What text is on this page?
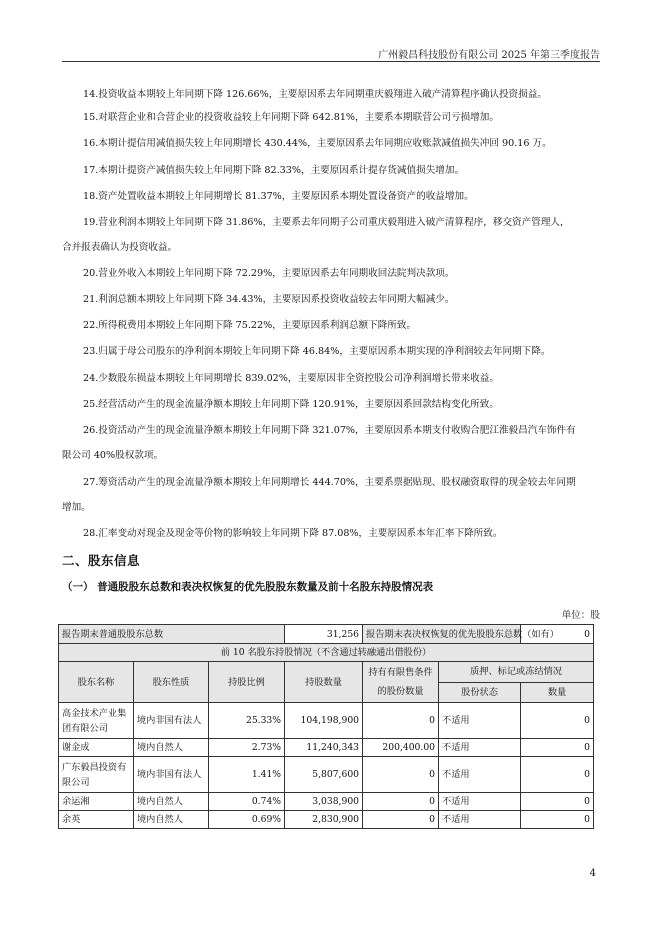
广州毅昌科技股份有限公司 2025 年第三季度报告
14.投资收益本期较上年同期下降 126.66%，主要原因系去年同期重庆毅翔进入破产清算程序确认投资损益。
15.对联营企业和合营企业的投资收益较上年同期下降 642.81%，主要系本期联营公司亏损增加。
16.本期计提信用减值损失较上年同期增长 430.44%，主要原因系去年同期应收账款减值损失冲回 90.16 万。
17.本期计提资产减值损失较上年同期下降 82.33%，主要原因系计提存货减值损失增加。
18.资产处置收益本期较上年同期增长 81.37%，主要原因系本期处置设备资产的收益增加。
19.营业利润本期较上年同期下降 31.86%，主要系去年同期子公司重庆毅翔进入破产清算程序，移交资产管理人，
合并报表确认为投资收益。
20.营业外收入本期较上年同期下降 72.29%，主要原因系去年同期收回法院判决款项。
21.利润总额本期较上年同期下降 34.43%，主要原因系投资收益较去年同期大幅减少。
22.所得税费用本期较上年同期下降 75.22%，主要原因系利润总额下降所致。
23.归属于母公司股东的净利润本期较上年同期下降 46.84%，主要原因系本期实现的净利润较去年同期下降。
24.少数股东损益本期较上年同期增长 839.02%，主要原因非全资控股公司净利润增长带来收益。
25.经营活动产生的现金流量净额本期较上年同期下降 120.91%，主要原因系回款结构变化所致。
26.投资活动产生的现金流量净额本期较上年同期下降 321.07%，主要原因系本期支付收购合肥江淮毅昌汽车饰件有
限公司 40%股权款项。
27.筹资活动产生的现金流量净额本期较上年同期增长 444.70%，主要系票据贴现、股权融资取得的现金较去年同期
增加。
28.汇率变动对现金及现金等价物的影响较上年同期下降 87.08%，主要原因系本年汇率下降所致。
二、股东信息
（一） 普通股股东总数和表决权恢复的优先股股东数量及前十名股东持股情况表
单位：股
报告期末普通股股东总数			31,256	报告期末表决权恢复的优先股股东总数（如有）		0
前 10 名股东持股情况（不含通过转融通出借股份）						
股东名称	股东性质	持股比例	持股数量	持有有限售条件的股份数量	质押、标记或冻结情况	
					股份状态	数量
高金技术产业集团有限公司	境内非国有法人	25.33%	104,198,900	0	不适用	0
谢金成	境内自然人	2.73%	11,240,343	200,400.00	不适用	0
广东毅昌投资有限公司	境内非国有法人	1.41%	5,807,600	0	不适用	0
余运湘	境内自然人	0.74%	3,038,900	0	不适用	0
余英	境内自然人	0.69%	2,830,900	0	不适用	0
4
